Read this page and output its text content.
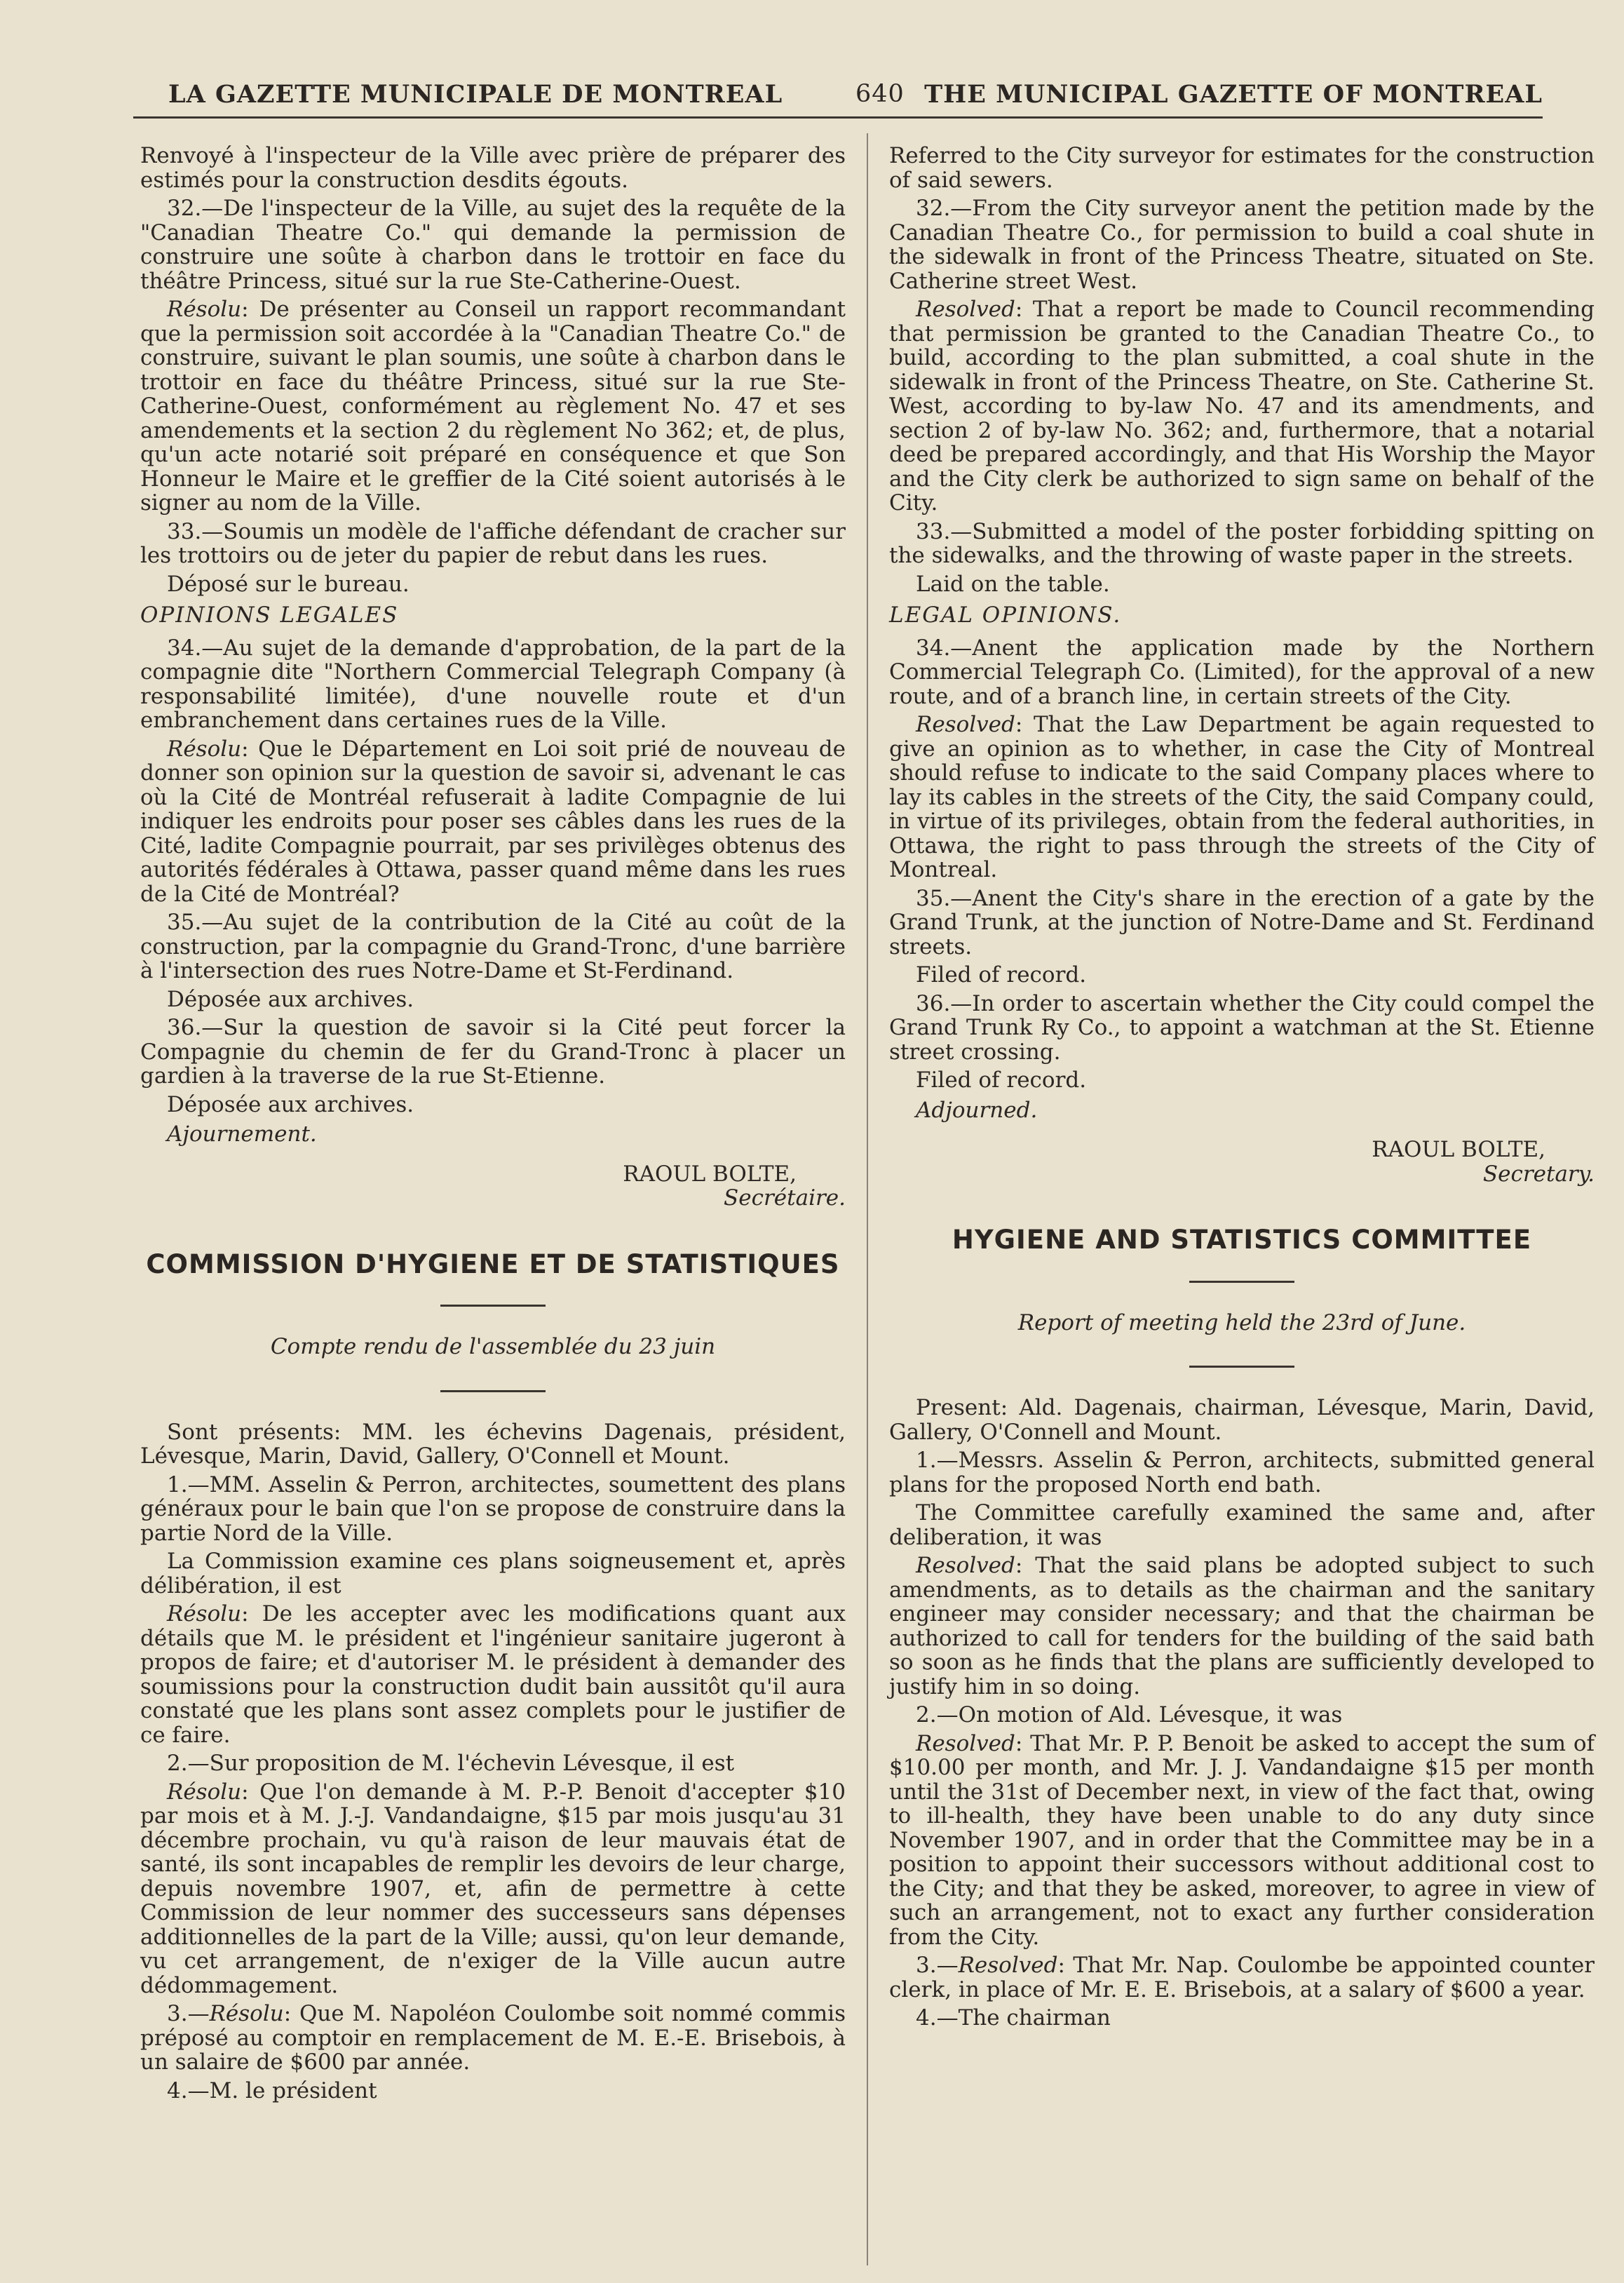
LA GAZETTE MUNICIPALE DE MONTREAL	640 THE MUNICIPAL GAZETTE OF MONTREAL

Renvoyé à l'inspecteur de la Ville avec prière de préparer des estimés pour la construction desdits égouts.

32.—De l'inspecteur de la Ville, au sujet des la requête de la "Canadian Theatre Co." qui demande la permission de construire une soûte à charbon dans le trottoir en face du théâtre Princess, situé sur la rue Ste-Catherine-Ouest.

Résolu: De présenter au Conseil un rapport recommandant que la permission soit accordée à la "Canadian Theatre Co." de construire, suivant le plan soumis, une soûte à charbon dans le trottoir en face du théâtre Princess, situé sur la rue Ste-Catherine-Ouest, conformément au règlement No. 47 et ses amendements et la section 2 du règlement No 362; et, de plus, qu'un acte notarié soit préparé en conséquence et que Son Honneur le Maire et le greffier de la Cité soient autorisés à le signer au nom de la Ville.

33.—Soumis un modèle de l'affiche défendant de cracher sur les trottoirs ou de jeter du papier de rebut dans les rues.

Déposé sur le bureau.

OPINIONS LEGALES

34.—Au sujet de la demande d'approbation, de la part de la compagnie dite "Northern Commercial Telegraph Company (à responsabilité limitée), d'une nouvelle route et d'un embranchement dans certaines rues de la Ville.

Résolu: Que le Département en Loi soit prié de nouveau de donner son opinion sur la question de savoir si, advenant le cas où la Cité de Montréal refuserait à ladite Compagnie de lui indiquer les endroits pour poser ses câbles dans les rues de la Cité, ladite Compagnie pourrait, par ses privilèges obtenus des autorités fédérales à Ottawa, passer quand même dans les rues de la Cité de Montréal?

35.—Au sujet de la contribution de la Cité au coût de la construction, par la compagnie du Grand-Tronc, d'une barrière à l'intersection des rues Notre-Dame et St-Ferdinand.

Déposée aux archives.

36.—Sur la question de savoir si la Cité peut forcer la Compagnie du chemin de fer du Grand-Tronc à placer un gardien à la traverse de la rue St-Etienne.

Déposée aux archives.

Ajournement.

RAOUL BOLTE,

Secrétaire.

COMMISSION D'HYGIENE ET DE STATISTIQUES

Compte rendu de l'assemblée du 23 juin

Sont présents: MM. les échevins Dagenais, président, Lévesque, Marin, David, Gallery, O'Connell et Mount.

1.—MM. Asselin & Perron, architectes, soumettent des plans généraux pour le bain que l'on se propose de construire dans la partie Nord de la Ville.

La Commission examine ces plans soigneusement et, après délibération, il est

Résolu: De les accepter avec les modifications quant aux détails que M. le président et l'ingénieur sanitaire jugeront à propos de faire; et d'autoriser M. le président à demander des soumissions pour la construction dudit bain aussitôt qu'il aura constaté que les plans sont assez complets pour le justifier de ce faire.

2.—Sur proposition de M. l'échevin Lévesque, il est

Résolu: Que l'on demande à M. P.-P. Benoit d'accepter $10 par mois et à M. J.-J. Vandandaigne, $15 par mois jusqu'au 31 décembre prochain, vu qu'à raison de leur mauvais état de santé, ils sont incapables de remplir les devoirs de leur charge, depuis novembre 1907, et, afin de permettre à cette Commission de leur nommer des successeurs sans dépenses additionnelles de la part de la Ville; aussi, qu'on leur demande, vu cet arrangement, de n'exiger de la Ville aucun autre dédommagement.

3.—Résolu: Que M. Napoléon Coulombe soit nommé commis préposé au comptoir en remplacement de M. E.-E. Brisebois, à un salaire de $600 par année.

4.—M. le président

Referred to the City surveyor for estimates for the construction of said sewers.

32.—From the City surveyor anent the petition made by the Canadian Theatre Co., for permission to build a coal shute in the sidewalk in front of the Princess Theatre, situated on Ste. Catherine street West.

Resolved: That a report be made to Council recommending that permission be granted to the Canadian Theatre Co., to build, according to the plan submitted, a coal shute in the sidewalk in front of the Princess Theatre, on Ste. Catherine St. West, according to by-law No. 47 and its amendments, and section 2 of by-law No. 362; and, furthermore, that a notarial deed be prepared accordingly, and that His Worship the Mayor and the City clerk be authorized to sign same on behalf of the City.

33.—Submitted a model of the poster forbidding spitting on the sidewalks, and the throwing of waste paper in the streets.

Laid on the table.

LEGAL OPINIONS.

34.—Anent the application made by the Northern Commercial Telegraph Co. (Limited), for the approval of a new route, and of a branch line, in certain streets of the City.

Resolved: That the Law Department be again requested to give an opinion as to whether, in case the City of Montreal should refuse to indicate to the said Company places where to lay its cables in the streets of the City, the said Company could, in virtue of its privileges, obtain from the federal authorities, in Ottawa, the right to pass through the streets of the City of Montreal.

35.—Anent the City's share in the erection of a gate by the Grand Trunk, at the junction of Notre-Dame and St. Ferdinand streets.

Filed of record.

36.—In order to ascertain whether the City could compel the Grand Trunk Ry Co., to appoint a watchman at the St. Etienne street crossing.

Filed of record.

Adjourned.

RAOUL BOLTE,

Secretary.

HYGIENE AND STATISTICS COMMITTEE

Report of meeting held the 23rd of June.

Present: Ald. Dagenais, chairman, Lévesque, Marin, David, Gallery, O'Connell and Mount.

1.—Messrs. Asselin & Perron, architects, submitted general plans for the proposed North end bath.

The Committee carefully examined the same and, after deliberation, it was

Resolved: That the said plans be adopted subject to such amendments, as to details as the chairman and the sanitary engineer may consider necessary; and that the chairman be authorized to call for tenders for the building of the said bath so soon as he finds that the plans are sufficiently developed to justify him in so doing.

2.—On motion of Ald. Lévesque, it was

Resolved: That Mr. P. P. Benoit be asked to accept the sum of $10.00 per month, and Mr. J. J. Vandandaigne $15 per month until the 31st of December next, in view of the fact that, owing to ill-health, they have been unable to do any duty since November 1907, and in order that the Committee may be in a position to appoint their successors without additional cost to the City; and that they be asked, moreover, to agree in view of such an arrangement, not to exact any further consideration from the City.

3.—Resolved: That Mr. Nap. Coulombe be appointed counter clerk, in place of Mr. E. E. Brisebois, at a salary of $600 a year.

4.—The chairman
